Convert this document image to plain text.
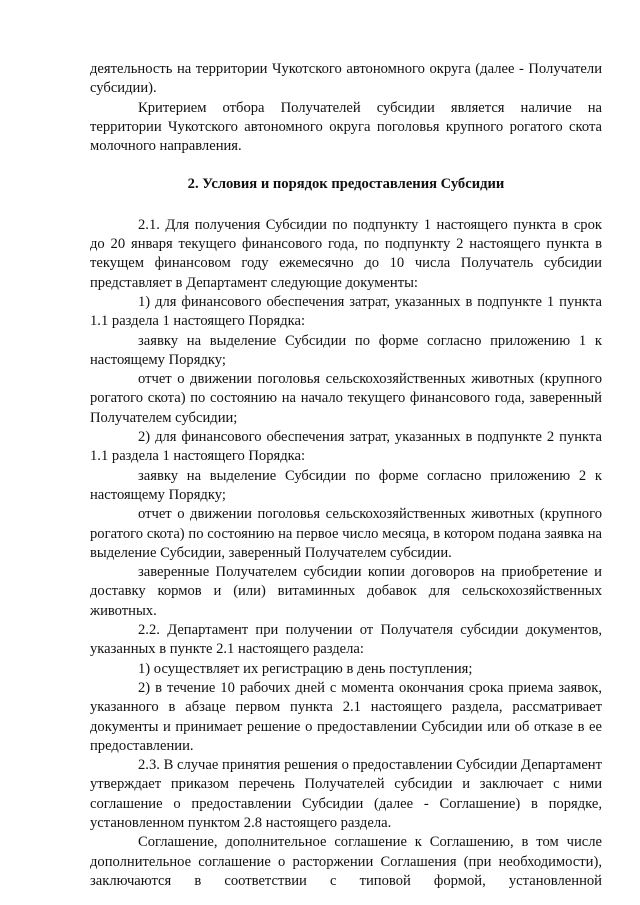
деятельность на территории Чукотского автономного округа (далее - Получатели субсидии).

Критерием отбора Получателей субсидии является наличие на территории Чукотского автономного округа поголовья крупного рогатого скота молочного направления.

2. Условия и порядок предоставления Субсидии

2.1. Для получения Субсидии по подпункту 1 настоящего пункта в срок до 20 января текущего финансового года, по подпункту 2 настоящего пункта в текущем финансовом году ежемесячно до 10 числа Получатель субсидии представляет в Департамент следующие документы:

1) для финансового обеспечения затрат, указанных в подпункте 1 пункта 1.1 раздела 1 настоящего Порядка:

заявку на выделение Субсидии по форме согласно приложению 1 к настоящему Порядку;

отчет о движении поголовья сельскохозяйственных животных (крупного рогатого скота) по состоянию на начало текущего финансового года, заверенный Получателем субсидии;

2) для финансового обеспечения затрат, указанных в подпункте 2 пункта 1.1 раздела 1 настоящего Порядка:

заявку на выделение Субсидии по форме согласно приложению 2 к настоящему Порядку;

отчет о движении поголовья сельскохозяйственных животных (крупного рогатого скота) по состоянию на первое число месяца, в котором подана заявка на выделение Субсидии, заверенный Получателем субсидии.

заверенные Получателем субсидии копии договоров на приобретение и доставку кормов и (или) витаминных добавок для сельскохозяйственных животных.

2.2. Департамент при получении от Получателя субсидии документов, указанных в пункте 2.1 настоящего раздела:

1) осуществляет их регистрацию в день поступления;

2) в течение 10 рабочих дней с момента окончания срока приема заявок, указанного в абзаце первом пункта 2.1 настоящего раздела, рассматривает документы и принимает решение о предоставлении Субсидии или об отказе в ее предоставлении.

2.3. В случае принятия решения о предоставлении Субсидии Департамент утверждает приказом перечень Получателей субсидии и заключает с ними соглашение о предоставлении Субсидии (далее - Соглашение) в порядке, установленном пунктом 2.8 настоящего раздела.

Соглашение, дополнительное соглашение к Соглашению, в том числе дополнительное соглашение о расторжении Соглашения (при необходимости), заключаются в соответствии с типовой формой, установленной
